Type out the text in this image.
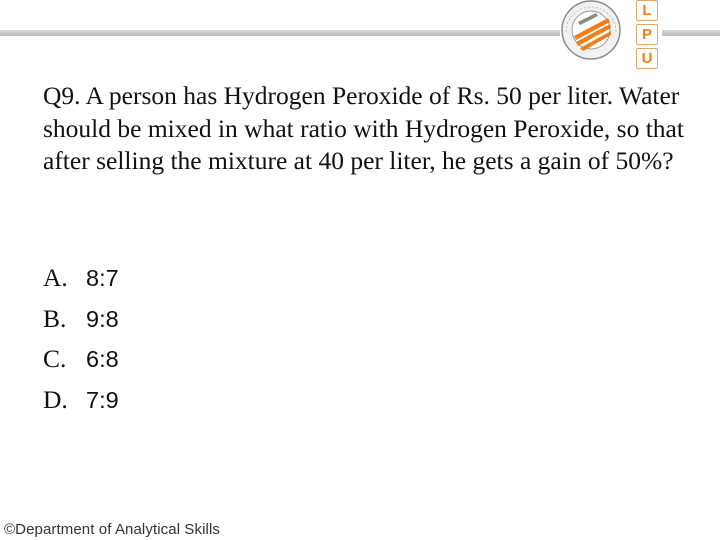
L
P
U
Q9. A person has Hydrogen Peroxide of Rs. 50 per liter. Water should be mixed in what ratio with Hydrogen Peroxide, so that after selling the mixture at 40 per liter, he gets a gain of 50%?
A. 8:7
B. 9:8
C. 6:8
D. 7:9
©Department of Analytical Skills
